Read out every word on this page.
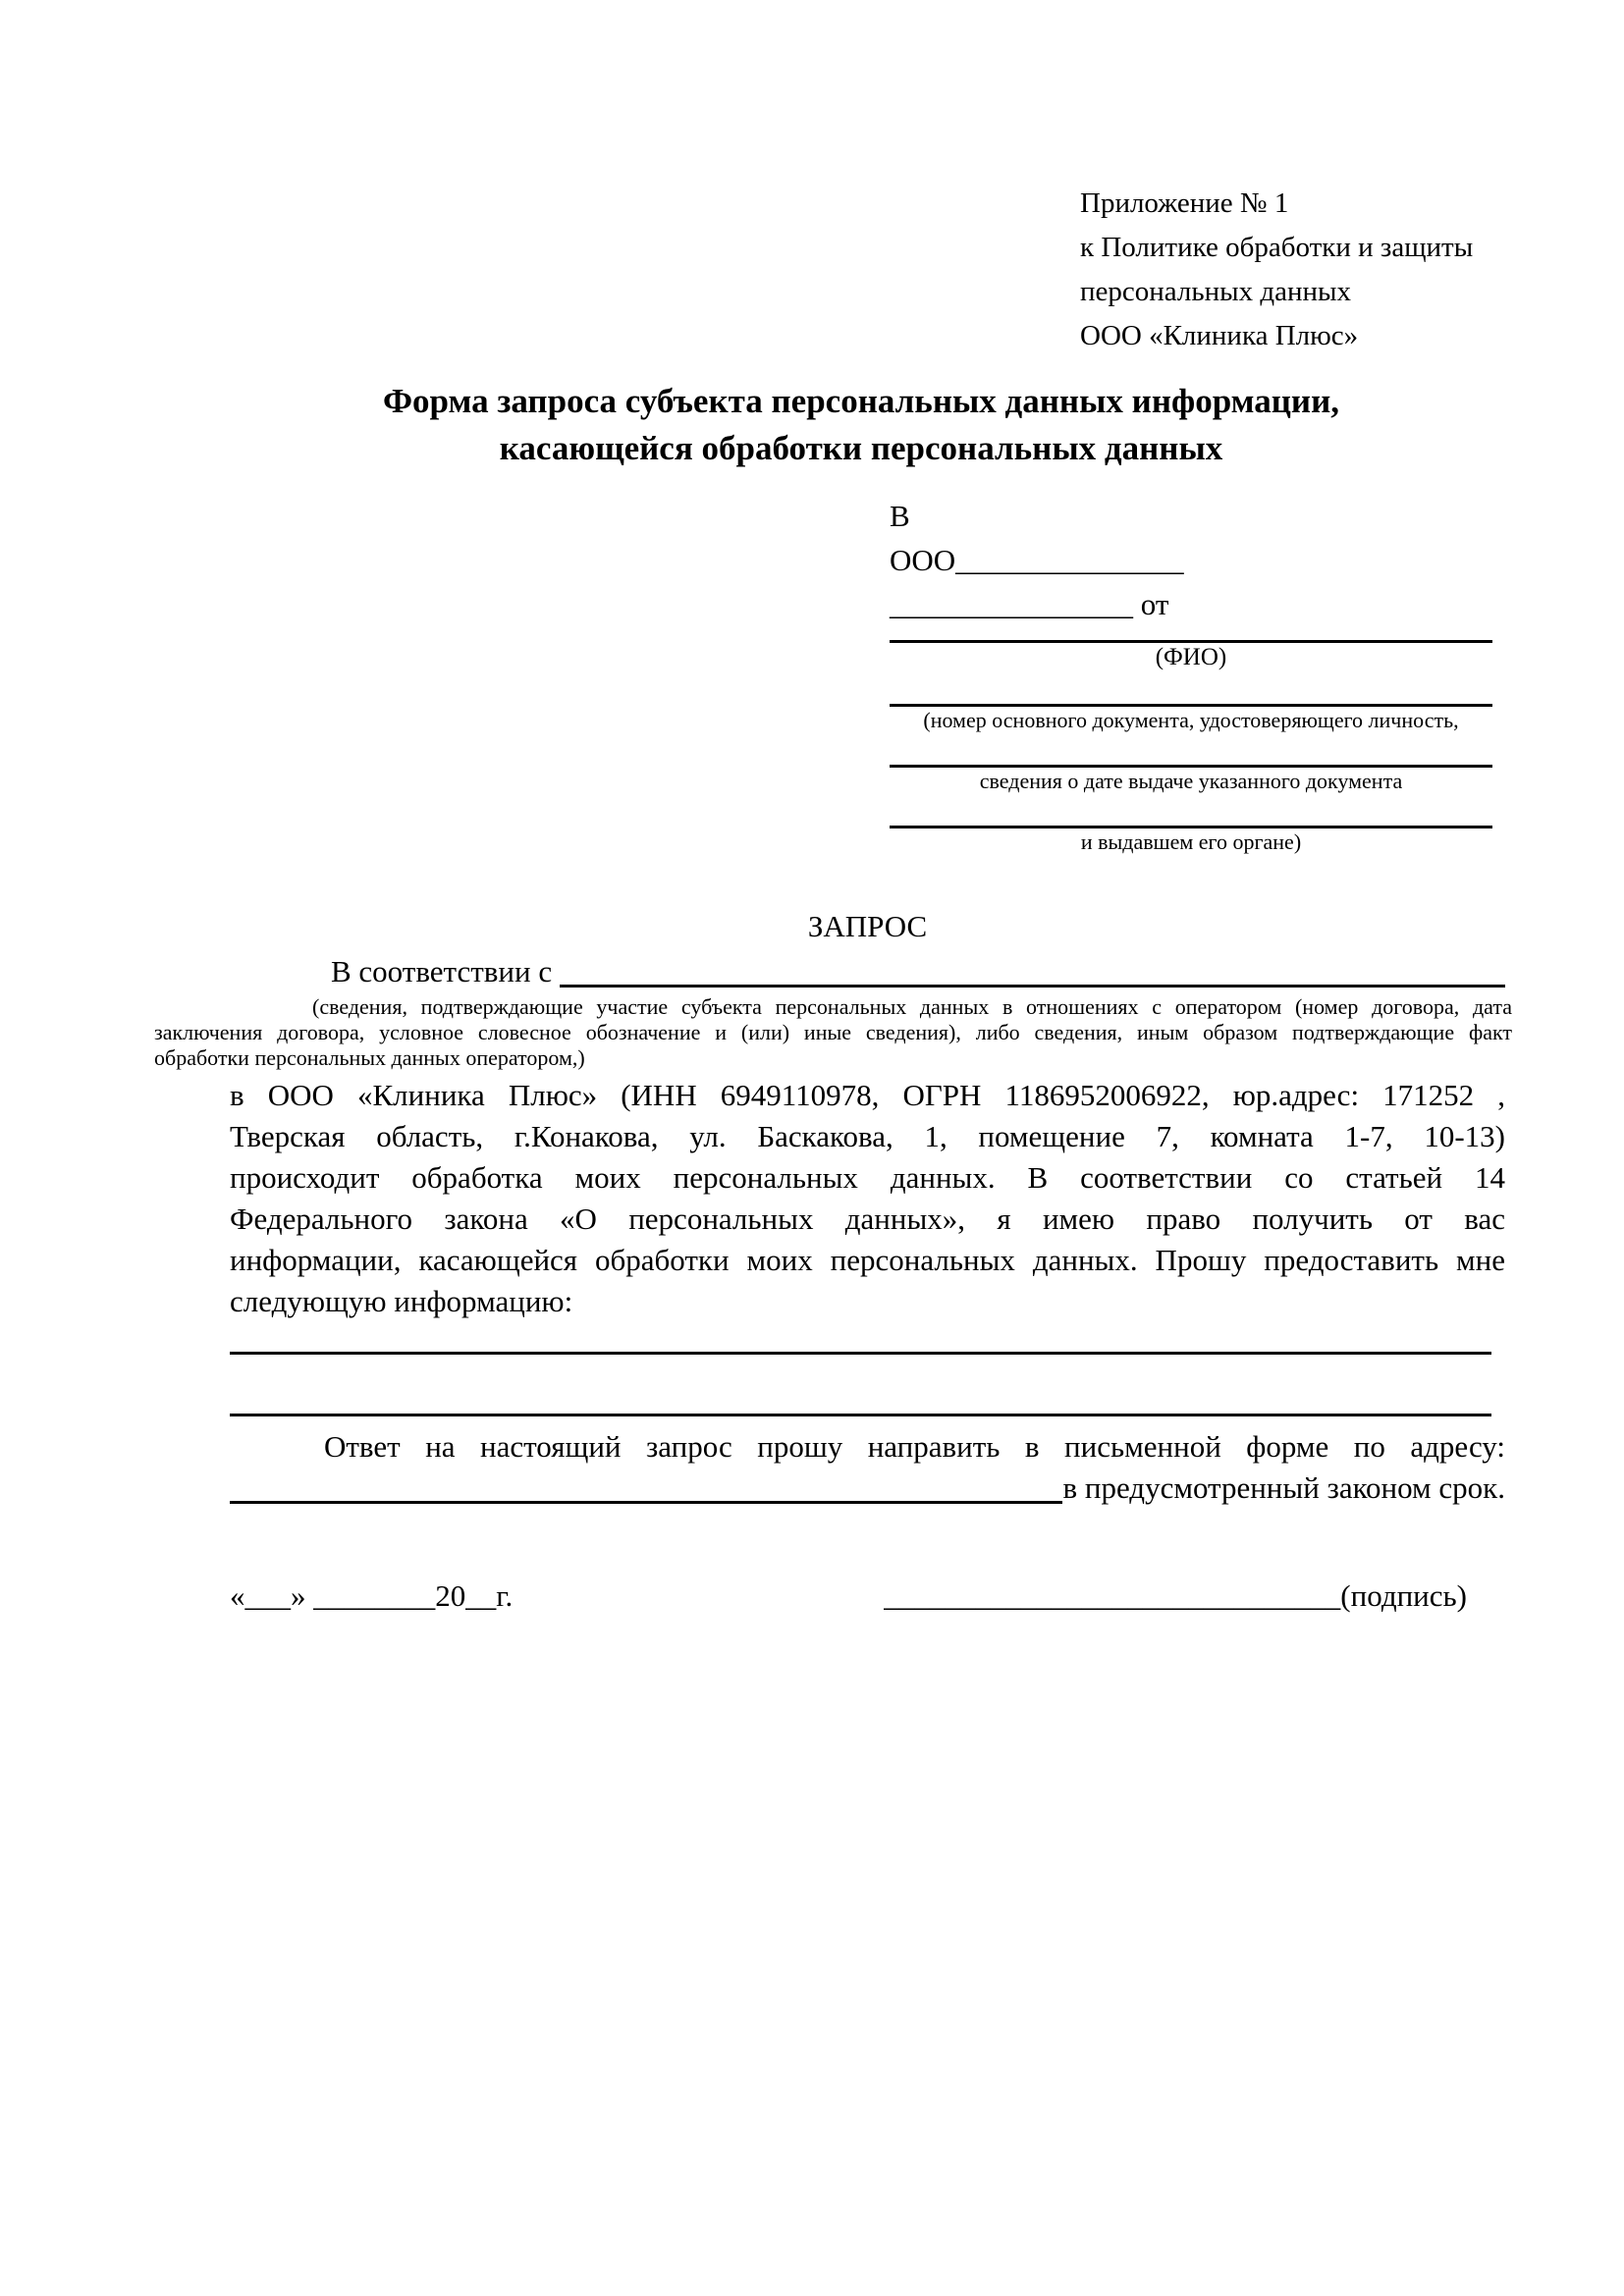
Приложение № 1
к Политике обработки и защиты
персональных данных
ООО «Клиника Плюс»
Форма запроса субъекта персональных данных информации,
касающейся обработки персональных данных
В
ООО_______________
________________ от
(ФИО)
(номер основного документа, удостоверяющего личность,
сведения о дате выдаче указанного документа
и выдавшем его органе)
ЗАПРОС
В соответствии с
(сведения, подтверждающие участие субъекта персональных данных в отношениях с оператором (номер договора, дата
заключения договора, условное словесное обозначение и (или) иные сведения), либо сведения, иным образом подтверждающие факт
обработки персональных данных оператором,)
в ООО «Клиника Плюс» (ИНН 6949110978, ОГРН 1186952006922, юр.адрес: 171252 ,
Тверская область, г.Конакова, ул. Баскакова, 1, помещение 7, комната 1-7, 10-13)
происходит обработка моих персональных данных. В соответствии со статьей 14
Федерального закона «О персональных данных», я имею право получить от вас
информации, касающейся обработки моих персональных данных. Прошу предоставить мне
следующую информацию:
Ответ на настоящий запрос прошу направить в письменной форме по адресу:
в предусмотренный законом срок.
«___» ________20__г.	______________________________(подпись)
